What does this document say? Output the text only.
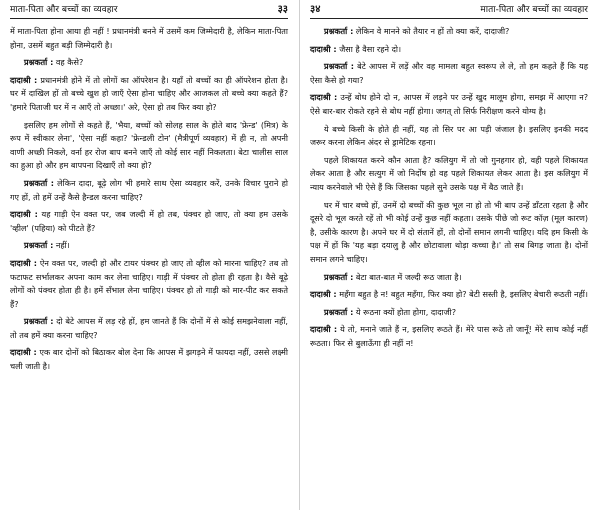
माता-पिता और बच्चों का व्यवहार	३३

में माता-पिता होना आया ही नहीं ! प्रधानमंत्री बनने में उसमें कम जिम्मेदारी है, लेकिन माता-पिता होना, उसमें बहुत बड़ी जिम्मेदारी है।

प्रश्नकर्ता : वह कैसे?

दादाश्री : प्रधानमंत्री होने में तो लोगों का ऑपरेशन है। यहाँ तो बच्चों का ही ऑपरेशन होता है। घर में दाखिल हों तो बच्चे खुश हो जाएँ ऐसा होना चाहिए और आजकल तो बच्चे क्या कहते हैं? 'हमारे पिताजी घर में न आएँ तो अच्छा।' अरे, ऐसा हो तब फिर क्या हो?

इसलिए हम लोगों से कहते हैं, 'भैया, बच्चों को सोलह साल के होते बाद 'फ्रेन्ड' (मित्र) के रूप में स्वीकार लेना', 'ऐसा नहीं कहा? 'फ्रेन्डली टोन' (मैत्रीपूर्ण व्यवहार) में ही न, तो अपनी वाणी अच्छी निकले, वर्ना हर रोज बाप बनने जाएँ तो कोई सार नहीं निकलता। बेटा चालीस साल का हुआ हो और हम बापपना दिखाएँ तो क्या हो?

प्रश्नकर्ता : लेकिन दादा, बूढ़े लोग भी हमारे साथ ऐसा व्यवहार करें, उनके विचार पुराने हो गए हों, तो हमें उन्हें कैसे हैन्डल करना चाहिए?

दादाश्री : यह गाड़ी ऐन वक्त पर, जब जल्दी में हो तब, पंक्चर हो जाए, तो क्या हम उसके 'व्हील' (पहिया) को पीटते हैं?

प्रश्नकर्ता : नहीं।

दादाश्री : ऐन वक्त पर, जल्दी हो और टायर पंक्चर हो जाए तो व्हील को मारना चाहिए? तब तो फटाफट सर्भालकर अपना काम कर लेना चाहिए। गाड़ी में पंक्चर तो होता ही रहता है। वैसे बूढ़े लोगों को पंक्चर होता ही है। हमें सँभाल लेना चाहिए। पंक्चर हो तो गाड़ी को मार-पीट कर सकते हैं?

प्रश्नकर्ता : दो बेटे आपस में लड़ रहे हों, हम जानते हैं कि दोनों में से कोई समझनेवाला नहीं, तो तब हमें क्या करना चाहिए?

दादाश्री : एक बार दोनों को बिठाकर बोल देना कि आपस में झगड़ने में फायदा नहीं, उससे लक्ष्मी चली जाती है।

३४	माता-पिता और बच्चों का व्यवहार

प्रश्नकर्ता : लेकिन वे मानने को तैयार न हों तो क्या करें, दादाजी?

दादाश्री : जैसा है वैसा रहने दो।

प्रश्नकर्ता : बेटे आपस में लड़ें और वह मामला बहुत स्वरूप ले ले, तो हम कहते हैं कि यह ऐसा कैसे हो गया?

दादाश्री : उन्हें बोध होने दो न, आपस में लड़ने पर उन्हें खुद मालूम होगा, समझ में आएगा न? ऐसे बार-बार रोकते रहने से बोध नहीं होगा। जगत् तो सिर्फ निरीक्षण करने योग्य है।

ये बच्चे किसी के होते ही नहीं, यह तो सिर पर आ पड़ी जंजाल है। इसलिए इनकी मदद जरूर करना लेकिन अंदर से ड्रामेटिक रहना।

पहले शिकायत करने कौन आता है? कलियुग में तो जो गुनहगार हो, वही पहले शिकायत लेकर आता है और सत्युग में जो निर्दोष हो वह पहले शिकायत लेकर आता है। इस कलियुग में न्याय करनेवाले भी ऐसे हैं कि जिसका पहले सुने उसके पक्ष में बैठ जाते हैं।

घर में चार बच्चे हों, उनमें दो बच्चों की कुछ भूल ना हो तो भी बाप उन्हें डाँटता रहता है और दूसरे दो भूल करते रहें तो भी कोई उन्हें कुछ नहीं कहता। उसके पीछे जो रूट कॉज़ (मूल कारण) है, उसीके कारण है। अपने घर में दो संतानें हों, तो दोनों समान लगनी चाहिए। यदि हम किसी के पक्ष में हों कि 'यह बड़ा दयालु है और छोटावाला थोड़ा कच्चा है।' तो सब बिगड़ जाता है। दोनों समान लगने चाहिए।

प्रश्नकर्ता : बेटा बात-बात में जल्दी रूठ जाता है।

दादाश्री : महँगा बहुत है न! बहुत महँगा, फिर क्या हो? बेटी सस्ती है, इसलिए बेचारी रूठती नहीं।

प्रश्नकर्ता : ये रूठना क्यों होता होगा, दादाजी?

दादाश्री : ये तो, मनाने जाते हैं न, इसलिए रूठते हैं। मेरे पास रूठे तो जानूँ! मेरे साथ कोई नहीं रूठता। फिर से बुलाऊँगा ही नहीं न!
